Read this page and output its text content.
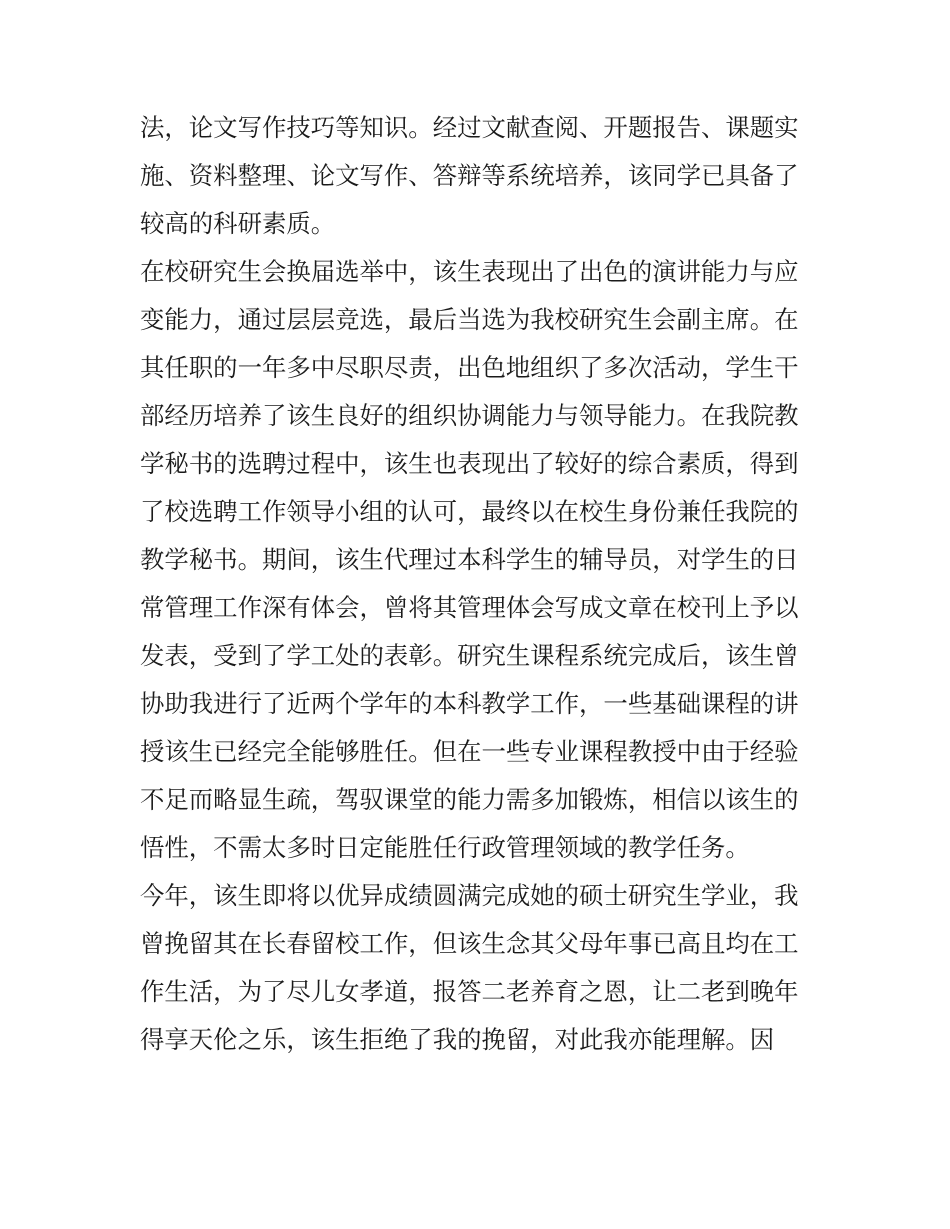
法，论文写作技巧等知识。经过文献查阅、开题报告、课题实
施、资料整理、论文写作、答辩等系统培养，该同学已具备了
较高的科研素质。
在校研究生会换届选举中，该生表现出了出色的演讲能力与应
变能力，通过层层竞选，最后当选为我校研究生会副主席。在
其任职的一年多中尽职尽责，出色地组织了多次活动，学生干
部经历培养了该生良好的组织协调能力与领导能力。在我院教
学秘书的选聘过程中，该生也表现出了较好的综合素质，得到
了校选聘工作领导小组的认可，最终以在校生身份兼任我院的
教学秘书。期间，该生代理过本科学生的辅导员，对学生的日
常管理工作深有体会，曾将其管理体会写成文章在校刊上予以
发表，受到了学工处的表彰。研究生课程系统完成后，该生曾
协助我进行了近两个学年的本科教学工作，一些基础课程的讲
授该生已经完全能够胜任。但在一些专业课程教授中由于经验
不足而略显生疏，驾驭课堂的能力需多加锻炼，相信以该生的
悟性，不需太多时日定能胜任行政管理领域的教学任务。
今年，该生即将以优异成绩圆满完成她的硕士研究生学业，我
曾挽留其在长春留校工作，但该生念其父母年事已高且均在工
作生活，为了尽儿女孝道，报答二老养育之恩，让二老到晚年
得享天伦之乐，该生拒绝了我的挽留，对此我亦能理解。因
